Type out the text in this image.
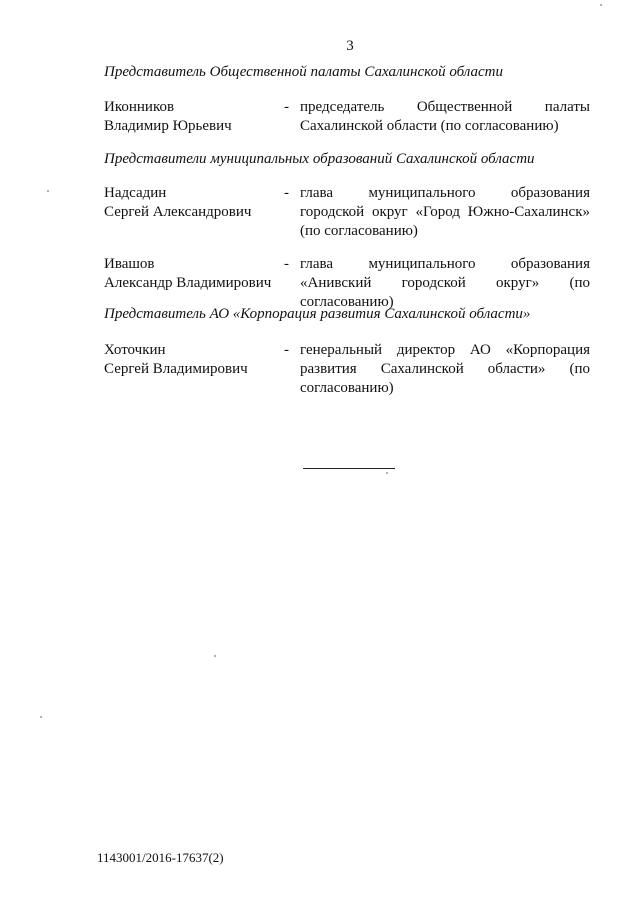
3
Представитель Общественной палаты Сахалинской области
Иконников
Владимир Юрьевич
- председатель Общественной палаты Сахалинской области (по согласованию)
Представители муниципальных образований Сахалинской области
Надсадин
Сергей Александрович
- глава муниципального образования городской округ «Город Южно-Сахалинск» (по согласованию)
Ивашов
Александр Владимирович
- глава муниципального образования «Анивский городской округ» (по согласованию)
Представитель АО «Корпорация развития Сахалинской области»
Хоточкин
Сергей Владимирович
- генеральный директор АО «Корпорация развития Сахалинской области» (по согласованию)
1143001/2016-17637(2)
